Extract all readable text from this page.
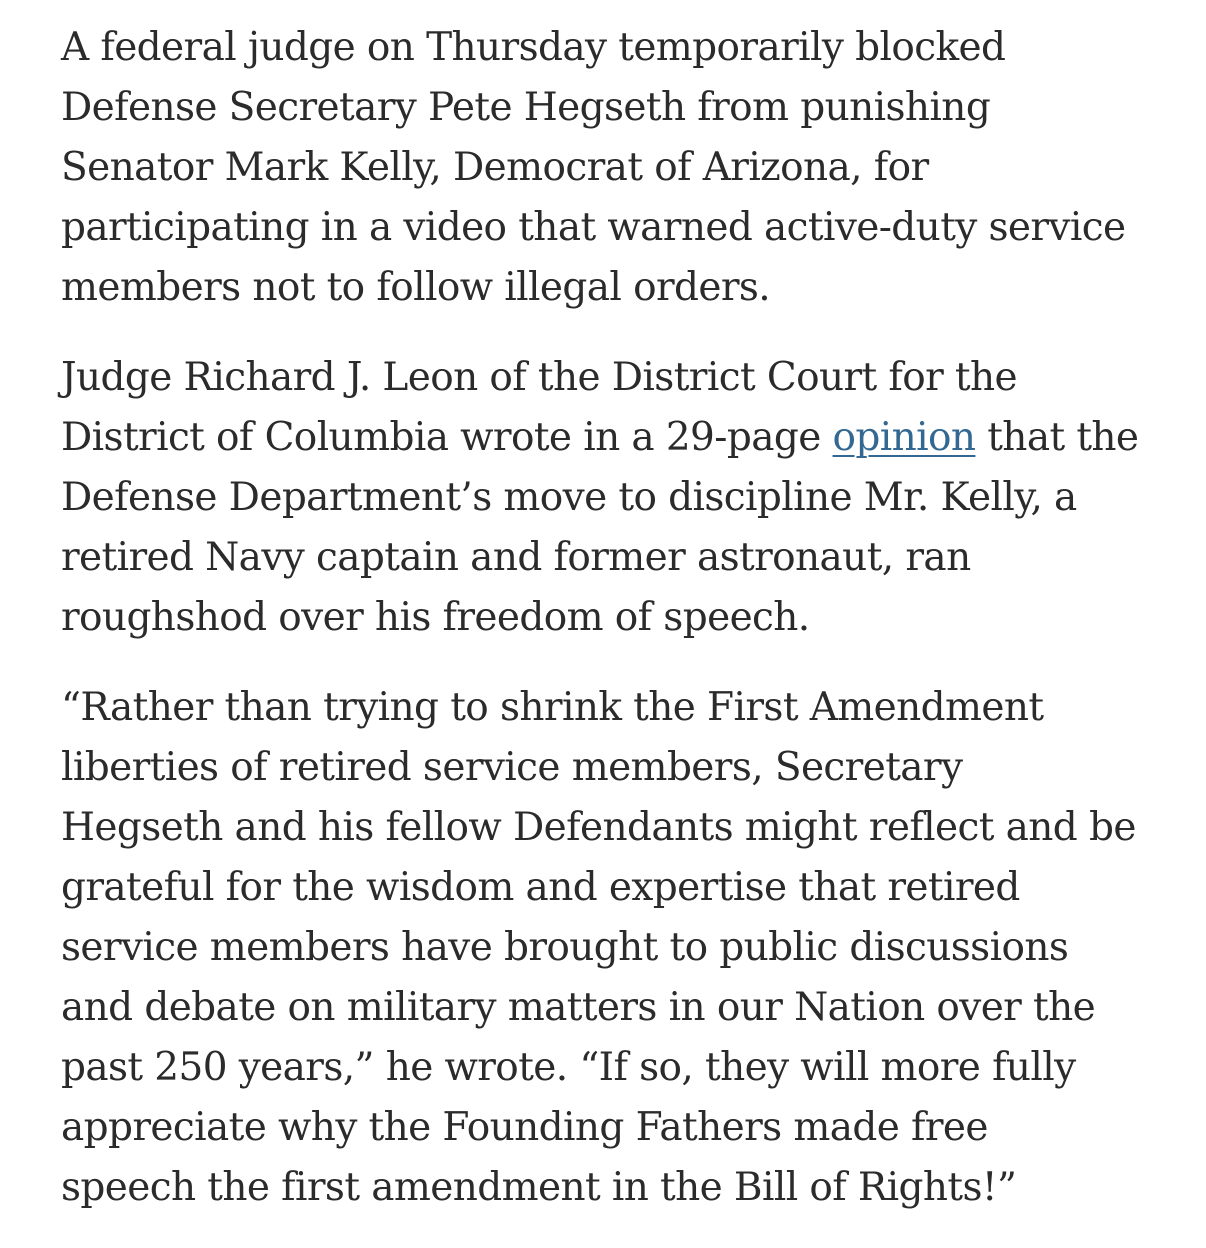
A federal judge on Thursday temporarily blocked
Defense Secretary Pete Hegseth from punishing
Senator Mark Kelly, Democrat of Arizona, for
participating in a video that warned active-duty service
members not to follow illegal orders.

Judge Richard J. Leon of the District Court for the
District of Columbia wrote in a 29-page opinion that the
Defense Department’s move to discipline Mr. Kelly, a
retired Navy captain and former astronaut, ran
roughshod over his freedom of speech.

“Rather than trying to shrink the First Amendment
liberties of retired service members, Secretary
Hegseth and his fellow Defendants might reflect and be
grateful for the wisdom and expertise that retired
service members have brought to public discussions
and debate on military matters in our Nation over the
past 250 years,” he wrote. “If so, they will more fully
appreciate why the Founding Fathers made free
speech the first amendment in the Bill of Rights!”
